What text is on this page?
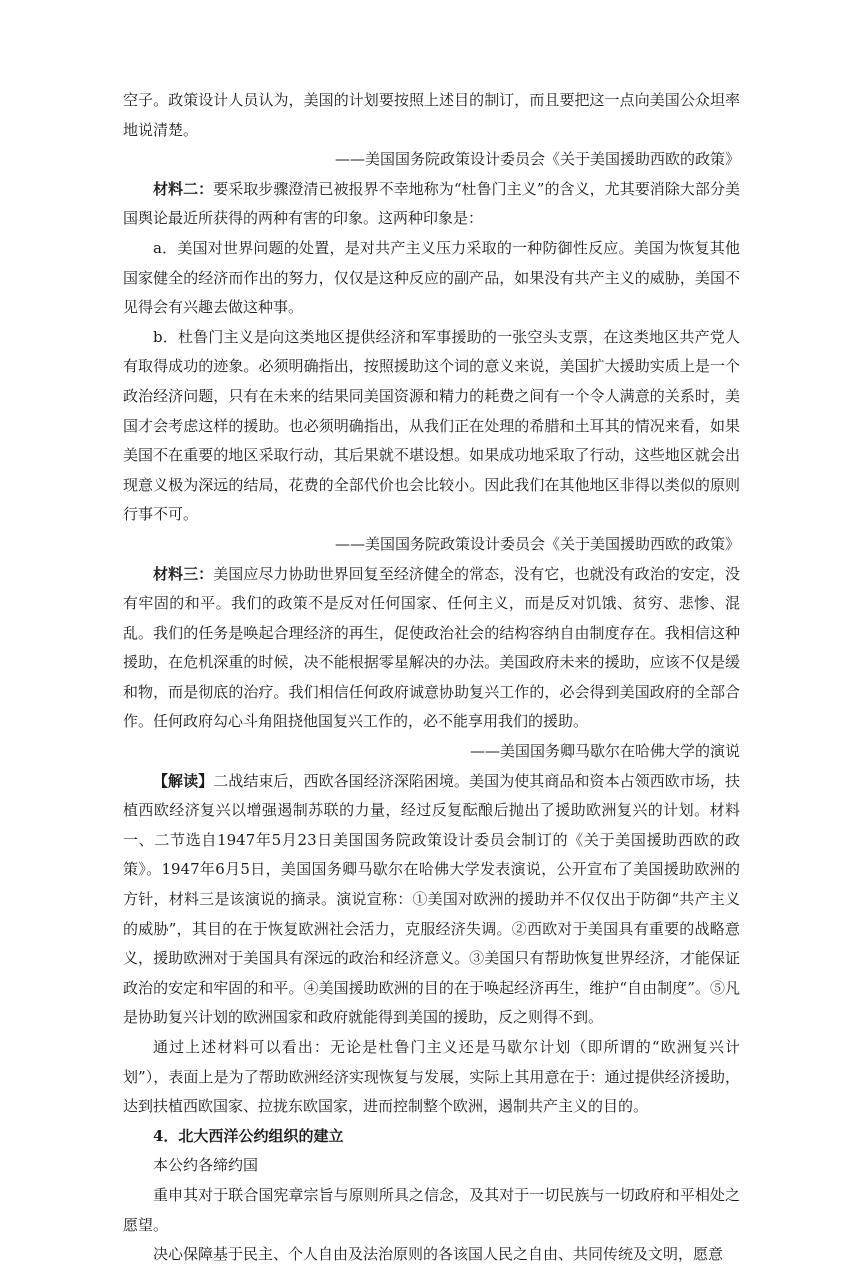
空子。政策设计人员认为，美国的计划要按照上述目的制订，而且要把这一点向美国公众坦率地说清楚。

——美国国务院政策设计委员会《关于美国援助西欧的政策》

材料二：要采取步骤澄清已被报界不幸地称为“杜鲁门主义”的含义，尤其要消除大部分美国舆论最近所获得的两种有害的印象。这两种印象是：

a．美国对世界问题的处置，是对共产主义压力采取的一种防御性反应。美国为恢复其他国家健全的经济而作出的努力，仅仅是这种反应的副产品，如果没有共产主义的威胁，美国不见得会有兴趣去做这种事。

b．杜鲁门主义是向这类地区提供经济和军事援助的一张空头支票，在这类地区共产党人有取得成功的迹象。必须明确指出，按照援助这个词的意义来说，美国扩大援助实质上是一个政治经济问题，只有在未来的结果同美国资源和精力的耗费之间有一个令人满意的关系时，美国才会考虑这样的援助。也必须明确指出，从我们正在处理的希腊和土耳其的情况来看，如果美国不在重要的地区采取行动，其后果就不堪设想。如果成功地采取了行动，这些地区就会出现意义极为深远的结局，花费的全部代价也会比较小。因此我们在其他地区非得以类似的原则行事不可。

——美国国务院政策设计委员会《关于美国援助西欧的政策》

材料三：美国应尽力协助世界回复至经济健全的常态，没有它，也就没有政治的安定，没有牢固的和平。我们的政策不是反对任何国家、任何主义，而是反对饥饿、贫穷、悲惨、混乱。我们的任务是唤起合理经济的再生，促使政治社会的结构容纳自由制度存在。我相信这种援助，在危机深重的时候，决不能根据零星解决的办法。美国政府未来的援助，应该不仅是缓和物，而是彻底的治疗。我们相信任何政府诚意协助复兴工作的，必会得到美国政府的全部合作。任何政府勾心斗角阻挠他国复兴工作的，必不能享用我们的援助。

——美国国务卿马歇尔在哈佛大学的演说

【解读】二战结束后，西欧各国经济深陷困境。美国为使其商品和资本占领西欧市场，扶植西欧经济复兴以增强遏制苏联的力量，经过反复酝酿后抛出了援助欧洲复兴的计划。材料一、二节选自1947年5月23日美国国务院政策设计委员会制订的《关于美国援助西欧的政策》。1947年6月5日，美国国务卿马歇尔在哈佛大学发表演说，公开宣布了美国援助欧洲的方针，材料三是该演说的摘录。演说宣称：①美国对欧洲的援助并不仅仅出于防御“共产主义的威胁”，其目的在于恢复欧洲社会活力，克服经济失调。②西欧对于美国具有重要的战略意义，援助欧洲对于美国具有深远的政治和经济意义。③美国只有帮助恢复世界经济，才能保证政治的安定和牢固的和平。④美国援助欧洲的目的在于唤起经济再生，维护“自由制度”。⑤凡是协助复兴计划的欧洲国家和政府就能得到美国的援助，反之则得不到。

通过上述材料可以看出：无论是杜鲁门主义还是马歇尔计划（即所谓的“欧洲复兴计划”），表面上是为了帮助欧洲经济实现恢复与发展，实际上其用意在于：通过提供经济援助，达到扶植西欧国家、拉拢东欧国家，进而控制整个欧洲，遏制共产主义的目的。

4．北大西洋公约组织的建立

本公约各缔约国

重申其对于联合国宪章宗旨与原则所具之信念，及其对于一切民族与一切政府和平相处之愿望。

决心保障基于民主、个人自由及法治原则的各该国人民之自由、共同传统及文明，愿意
